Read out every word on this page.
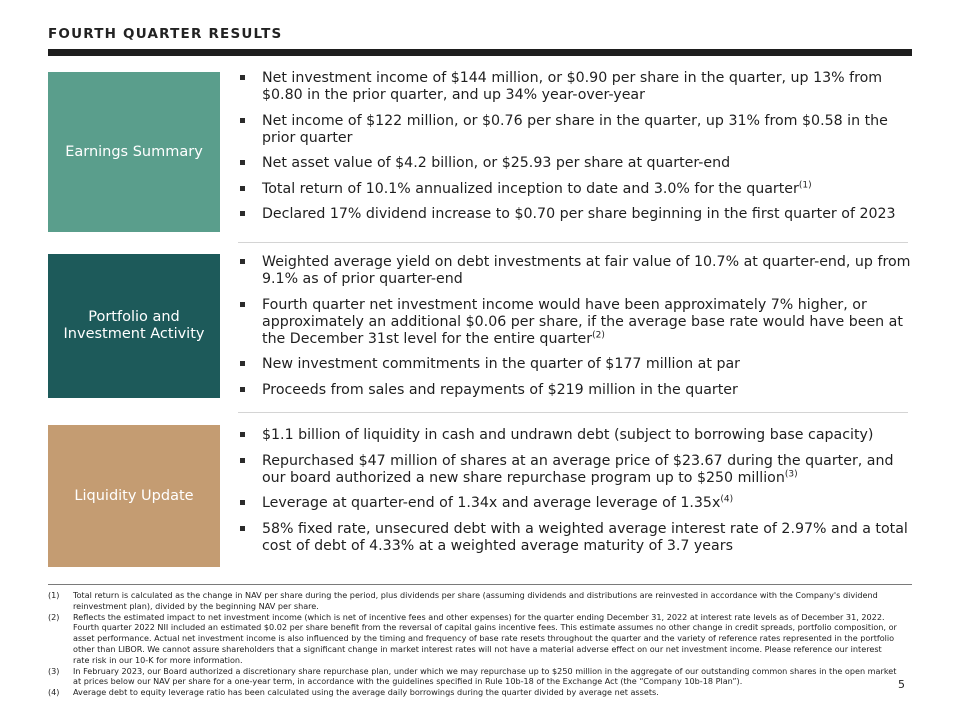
FOURTH QUARTER RESULTS
Earnings Summary
Net investment income of $144 million, or $0.90 per share in the quarter, up 13% from $0.80 in the prior quarter, and up 34% year-over-year
Net income of $122 million, or $0.76 per share in the quarter, up 31% from $0.58 in the prior quarter
Net asset value of $4.2 billion, or $25.93 per share at quarter-end
Total return of 10.1% annualized inception to date and 3.0% for the quarter$^{(1)}$
Declared 17% dividend increase to $0.70 per share beginning in the first quarter of 2023
Portfolio and Investment Activity
Weighted average yield on debt investments at fair value of 10.7% at quarter-end, up from 9.1% as of prior quarter-end
Fourth quarter net investment income would have been approximately 7% higher, or approximately an additional $0.06 per share, if the average base rate would have been at the December 31st level for the entire quarter$^{(2)}$
New investment commitments in the quarter of $177 million at par
Proceeds from sales and repayments of $219 million in the quarter
Liquidity Update
$1.1 billion of liquidity in cash and undrawn debt (subject to borrowing base capacity)
Repurchased $47 million of shares at an average price of $23.67 during the quarter, and our board authorized a new share repurchase program up to $250 million$^{(3)}$
Leverage at quarter-end of 1.34x and average leverage of $1.35x^{(4)}$
58% fixed rate, unsecured debt with a weighted average interest rate of 2.97% and a total cost of debt of 4.33% at a weighted average maturity of 3.7 years
(1) Total return is calculated as the change in NAV per share during the period, plus dividends per share (assuming dividends and distributions are reinvested in accordance with the Company's dividend reinvestment plan), divided by the beginning NAV per share.
(2) Reflects the estimated impact to net investment income (which is net of incentive fees and other expenses) for the quarter ending December 31, 2022 at interest rate levels as of December 31, 2022. Fourth quarter 2022 NII included an estimated $0.02 per share benefit from the reversal of capital gains incentive fees. This estimate assumes no other change in credit spreads, portfolio composition, or asset performance. Actual net investment income is also influenced by the timing and frequency of base rate resets throughout the quarter and the variety of reference rates represented in the portfolio other than LIBOR. We cannot assure shareholders that a significant change in market interest rates will not have a material adverse effect on our net investment income. Please reference our interest rate risk in our 10-K for more information.
(3) In February 2023, our Board authorized a discretionary share repurchase plan, under which we may repurchase up to $250 million in the aggregate of our outstanding common shares in the open market at prices below our NAV per share for a one-year term, in accordance with the guidelines specified in Rule 10b-18 of the Exchange Act (the “Company 10b-18 Plan”).
(4) Average debt to equity leverage ratio has been calculated using the average daily borrowings during the quarter divided by average net assets.
5
